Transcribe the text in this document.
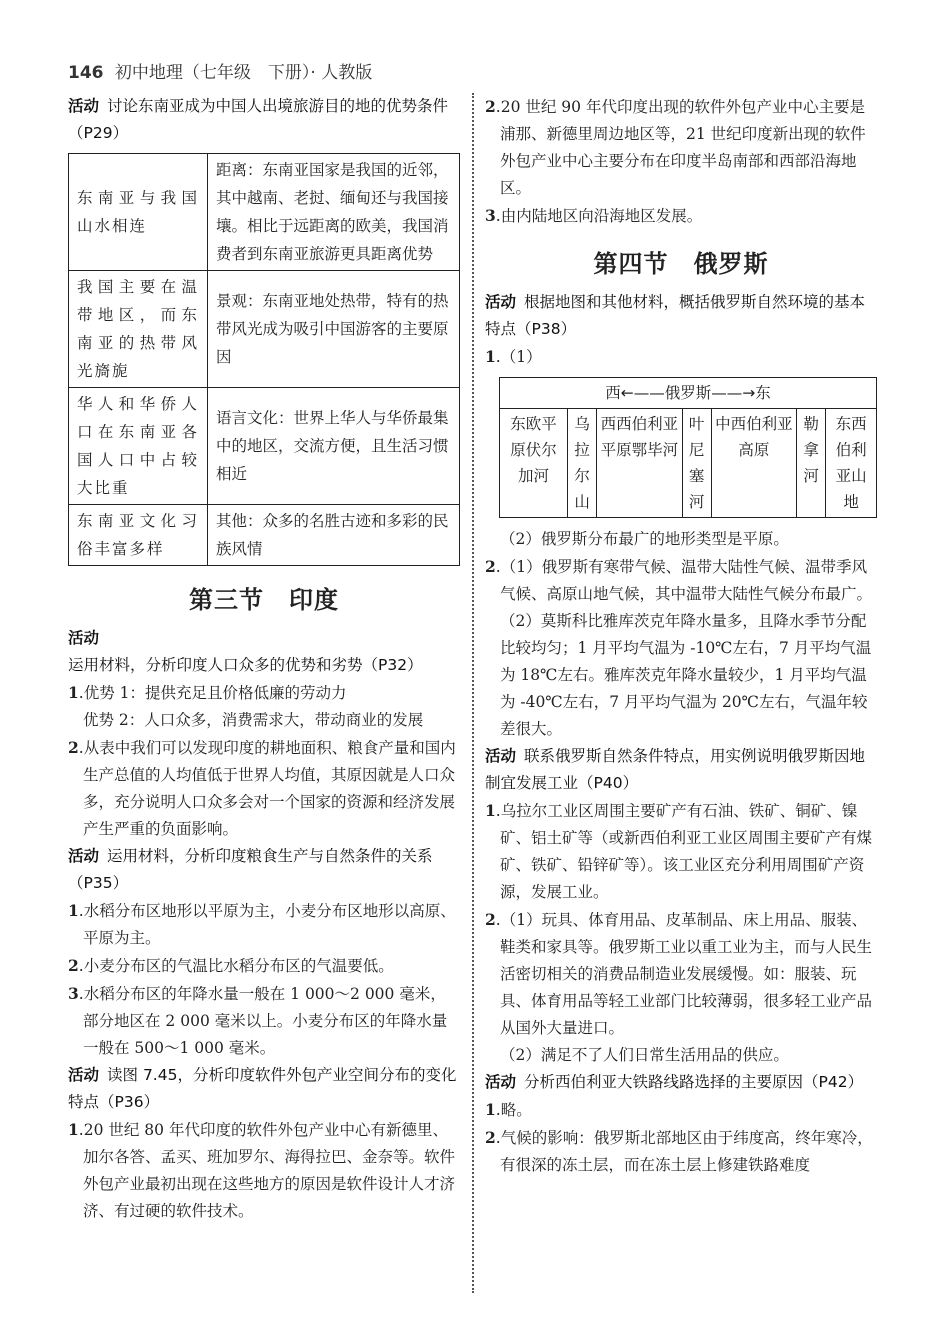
146 初中地理（七年级　下册）· 人教版

活动 讨论东南亚成为中国人出境旅游目的地的优势条件（P29）

东南亚与我国山水相连	距离：东南亚国家是我国的近邻，其中越南、老挝、缅甸还与我国接壤。相比于远距离的欧美，我国消费者到东南亚旅游更具距离优势
我国主要在温带地区，而东南亚的热带风光旖旎	景观：东南亚地处热带，特有的热带风光成为吸引中国游客的主要原因
华人和华侨人口在东南亚各国人口中占较大比重	语言文化：世界上华人与华侨最集中的地区，交流方便，且生活习惯相近
东南亚文化习俗丰富多样	其他：众多的名胜古迹和多彩的民族风情
第三节　印度

活动运用材料，分析印度人口众多的优势和劣势（P32）

1.优势 1：提供充足且价格低廉的劳动力

优势 2：人口众多，消费需求大，带动商业的发展

2.从表中我们可以发现印度的耕地面积、粮食产量和国内生产总值的人均值低于世界人均值，其原因就是人口众多，充分说明人口众多会对一个国家的资源和经济发展产生严重的负面影响。

活动 运用材料，分析印度粮食生产与自然条件的关系（P35）

1.水稻分布区地形以平原为主，小麦分布区地形以高原、平原为主。

2.小麦分布区的气温比水稻分布区的气温要低。

3.水稻分布区的年降水量一般在 1 000～2 000 毫米，部分地区在 2 000 毫米以上。小麦分布区的年降水量一般在 500～1 000 毫米。

活动 读图 7.45，分析印度软件外包产业空间分布的变化特点（P36）

1.20 世纪 80 年代印度的软件外包产业中心有新德里、加尔各答、孟买、班加罗尔、海得拉巴、金奈等。软件外包产业最初出现在这些地方的原因是软件设计人才济济、有过硬的软件技术。

2.20 世纪 90 年代印度出现的软件外包产业中心主要是浦那、新德里周边地区等，21 世纪印度新出现的软件外包产业中心主要分布在印度半岛南部和西部沿海地区。

3.由内陆地区向沿海地区发展。

第四节　俄罗斯

活动 根据地图和其他材料，概括俄罗斯自然环境的基本特点（P38）

1.（1）

西←——俄罗斯——→东
东欧平原伏尔加河	乌拉尔山	西西伯利亚平原鄂毕河	叶尼塞河	中西伯利亚高原	勒拿河	东西伯利亚山地

（2）俄罗斯分布最广的地形类型是平原。

2.（1）俄罗斯有寒带气候、温带大陆性气候、温带季风气候、高原山地气候，其中温带大陆性气候分布最广。

（2）莫斯科比雅库茨克年降水量多，且降水季节分配比较均匀；1 月平均气温为 -10℃左右，7 月平均气温为 18℃左右。雅库茨克年降水量较少，1 月平均气温为 -40℃左右，7 月平均气温为 20℃左右，气温年较差很大。

活动 联系俄罗斯自然条件特点，用实例说明俄罗斯因地制宜发展工业（P40）

1.乌拉尔工业区周围主要矿产有石油、铁矿、铜矿、镍矿、铝土矿等（或新西伯利亚工业区周围主要矿产有煤矿、铁矿、铅锌矿等）。该工业区充分利用周围矿产资源，发展工业。

2.（1）玩具、体育用品、皮革制品、床上用品、服装、鞋类和家具等。俄罗斯工业以重工业为主，而与人民生活密切相关的消费品制造业发展缓慢。如：服装、玩具、体育用品等轻工业部门比较薄弱，很多轻工业产品从国外大量进口。

（2）满足不了人们日常生活用品的供应。

活动 分析西伯利亚大铁路线路选择的主要原因（P42）

1.略。

2.气候的影响：俄罗斯北部地区由于纬度高，终年寒冷，有很深的冻土层，而在冻土层上修建铁路难度
